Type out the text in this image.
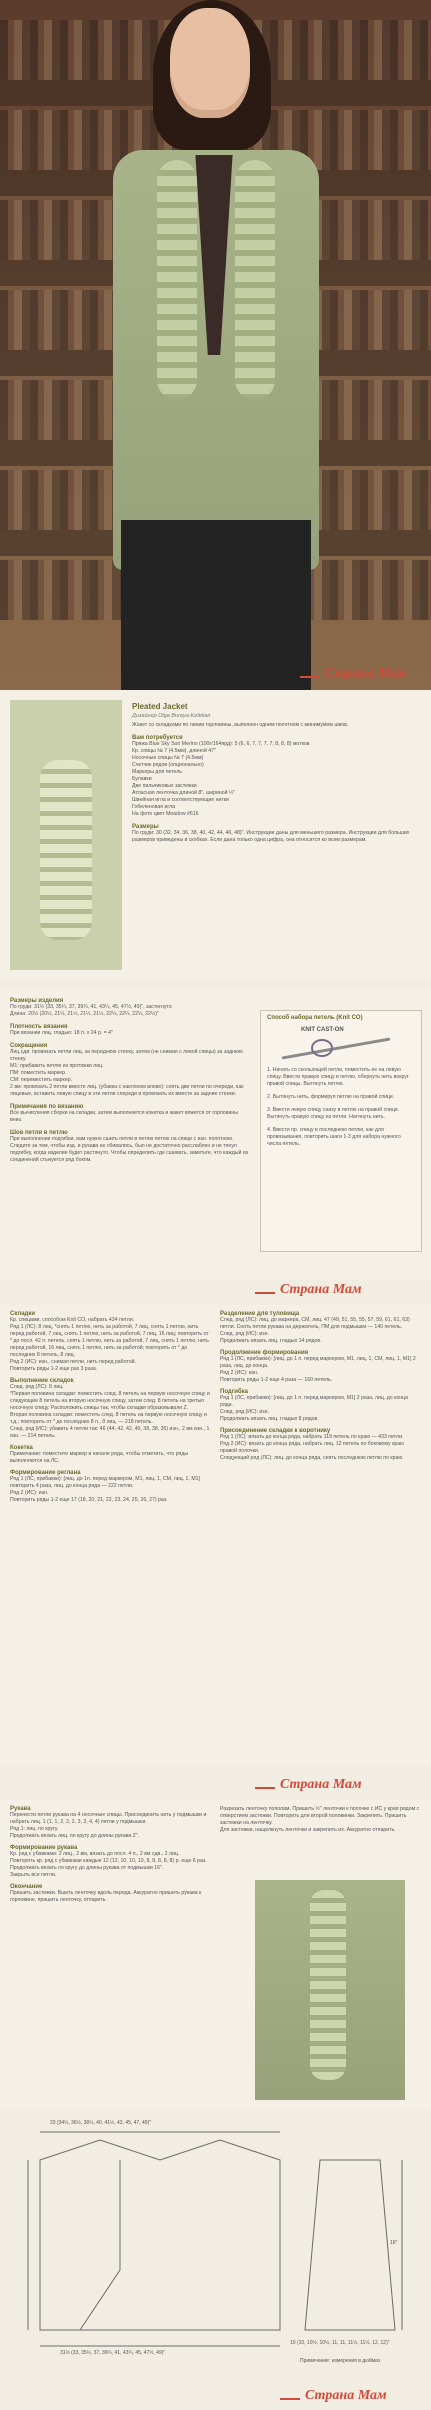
Страна Мам
Pleated Jacket
Дизайнер Olga Buraya-Kefelian

Жакет со складками по линии горловины, выполнен одним полотном с минимумом швов.

Вам потребуется

Пряжа Blue Sky Suri Merino (100г/164ярд): 5 (6, 6, 7, 7, 7, 7, 8, 8, 8) мотков

Кр. спицы № 7 (4.5мм), длиной 47"

Носочные спицы № 7 (4.5мм)

Счетчик рядов (опционально)

Маркеры для петель

Булавки

Двe пальчиковых застежки

Атласная ленточка длиной 8", шириной ½"

Швейная игла и соответствующие нитки

Гобеленовая игла

На фото цвет Meadow #616

Размеры

По груди: 30 (32, 34, 36, 38, 40, 42, 44, 46, 48)". Инструкции даны для меньшего размера. Инструкции для больших размеров приведены в скобках. Если дана только одна цифра, она относится ко всем размерам.

Размеры изделия

По груди: 31½ (33, 35¼, 37, 39¼, 41, 43¼, 45, 47½, 49)", застегнуто
Длина: 20½ (20½, 21½, 21½, 21½, 21½, 22¼, 22¼, 22½, 22½)"

Плотность вязания

При вязании лиц. гладью: 18 п. х 24 р. = 4"

Сокращения

Лиц.сдв: провязать петли лиц. за переднюю стенку, затем (не снимая с левой спицы) за заднюю стенку.
M1: прибавить петлю из протяжки лиц.
ПМ: поместить маркер.
СМ: переместить маркер.
2 вм: провязать 2 петли вместе лиц. (убавка с наклоном влево): снять две петли по очереди, как лицевые, вставить левую спицу в эти петли спереди и провязать их вместе за задние стенки.

Примечания по вязанию

Все вычисления сборки на складки, затем выполняется кокетка и жакет вяжется от горловины вниз.

Шов петля в петлю

При выполнении подгибки, вам нужно сшить петли в петлю петлю на спице с изн. полотном. Следите за тем, чтобы изд. и рукава не сбивались, был не достаточно расслаблен и не тянул подгибку, когда изделие будет растянуто. Чтобы определить где сшивать, заметьте, что каждый из соединений стыкуется ряд боком.

Способ набора петель (Knit CO)
KNIT CAST-ON

1. Начать со скользящей петли, поместить ее на левую спицу. Ввести правую спицу в петлю, обернуть нить вокруг правой спицы. Вытянуть петлю.

2. Вытянуть нить, формируя петлю на правой спице.

3. Ввести левую спицу снизу в петлю на правой спице. Вытянуть правую спицу из петли. Натянуть нить.

4. Ввести пр. спицу в последнюю петлю, как для провязывания, повторить шаги 1-3 для набора нужного числа петель.

Страна Мам
Складки

Кр. спицами, способом Knit CO, набрать 434 петли.
Ряд 1 (ЛС): 8 лиц, *снять 1 петлю, нить за работой, 7 лиц, снять 1 петлю, нить перед работой, 7 лиц, снять 1 петлю, нить за работой, 7 лиц, 16 лиц; повторить от * до посл. 42 п. петель, снять 1 петлю, нить за работой, 7 лиц, снять 1 петлю, нить перед работой, 16 лиц, снять 1 петлю, нить за работой; повторить от * до последних 8 петель, 8 лиц.
Ряд 2 (ИС): изн., снимая петли, нить перед работой.
Повторить ряды 1-2 еще раз 3 раза.

Выполнение складок

След. ряд (ЛС): 8 лиц.
*Первая половина складки: поместить след. 8 петель на первую носочную спицу и следующие 8 петель на вторую носочную спицу, затем след. 8 петель на третью носочную спицу. Расположить спицы так, чтобы складки образовывали Z.
Вторая половина складки: поместить след. 8 петель на первую носочную спицу и т.д.; повторить от * до последних 8 п., 8 лиц. — 218 петель.
След. ряд (ИС): убавить 4 петли так: 46 (44, 42, 42, 40, 38, 38, 36) изн., 2 вм изн., 1 изн. — 214 петель.

Кокетка

Примечание: поместите маркер в начале ряда, чтобы отметить, что ряды выполняются на ЛС.

Формирование реглана

Ряд 1 (ЛС, прибавки): [лиц. до 1п. перед маркером, М1, лиц. 1, СМ, лиц. 1, М1] повторить 4 раза, лиц. до конца ряда — 222 петли.
Ряд 2 (ИС): изн.
Повторить ряды 1-2 еще 17 (18, 20, 21, 22, 23, 24, 25, 26, 27) раз.

Разделение для туловища

След. ряд (ЛС): лиц. до маркера, СМ, лиц. 47 (49, 51, 55, 55, 57, 59, 61, 61, 63) петли. Снять петли рукава на держатель, ПМ для подмышки — 140 петель.
След. ряд (ИС): изн.
Продолжать вязать лиц. гладью 14 рядов.

Продолжение формирования

Ряд 1 (ЛС, прибавки): [лиц. до 1 п. перед маркером, М1, лиц. 1, СМ, лиц. 1, М1] 2 раза, лиц. до конца.
Ряд 2 (ИС): изн.
Повторить ряды 1-2 еще 4 раза — 160 петель.

Подгибка

Ряд 1 (ЛС, прибавки): [лиц. до 1 п. перед маркером, М1] 2 раза, лиц. до конца ряда.
След. ряд (ИС): изн.
Продолжать вязать лиц. гладью 8 рядов.

Присоединение складки к воротнику

Ряд 1 (ЛС): вязать до конца ряда, набрать 119 петель по краю — 433 петли.
Ряд 2 (ИС): вязать до конца ряда, набрать лиц. 12 петель по боковому краю правой полочки.
Следующий ряд (ЛС): лиц. до конца ряда, снять последнюю петлю по краю.

Страна Мам
Рукава

Перенести петли рукава на 4 носочные спицы. Присоединить нить у подмышки и набрать лиц. 1 (1, 1, 2, 2, 2, 3, 3, 4, 4) петли у подмышки.
Ряд 1: лиц. по кругу.
Продолжать вязать лиц. по кругу до длины рукава 2".

Формирование рукава

Кр. ряд с убавками: 2 лиц., 2 вм, вязать до посл. 4 п., 2 вм сдв., 2 лиц.
Повторять кр. ряд с убавками каждые 12 (12, 10, 10, 10, 8, 8, 8, 8, 8) р. еще 6 раз.
Продолжать вязать по кругу до длины рукава от подмышки 16".
Закрыть все петли.

Окончание

Пришить застежки. Вшить ленточку вдоль переда. Аккуратно пришить рукава к горловине, пришить ленточку, отпарить.

Разрезать ленточку пополам. Пришить ½" ленточки к полочке с ИС у края рядом с отверстием застежки. Повторить для второй половинки. Закрепить. Пришить застежки на ленточку.
Для застежки, нащелкнуть ленточки и закрепить их. Аккуратно отпарить.

33 (34½, 36½, 38½, 40, 41½, 43, 45, 47, 49)"
31½ (33, 35¼, 37, 39¼, 41, 43¼, 45, 47½, 49)"
16"
10 (10, 10½, 10½, 11, 11, 11½, 11½, 12, 12)"
Примечание: измерения в дюймах
Страна Мам
